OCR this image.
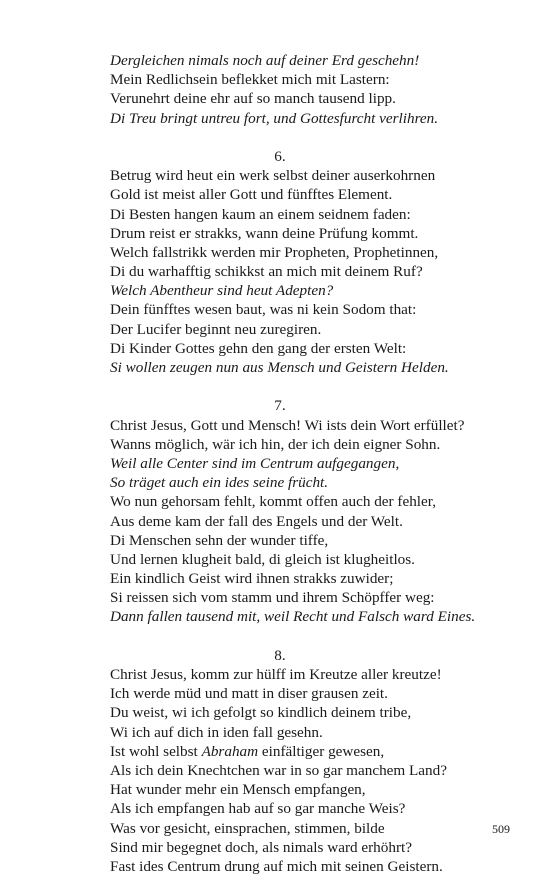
Dergleichen nimals noch auf deiner Erd geschehn!
Mein Redlichsein beflekket mich mit Lastern:
Verunehrt deine ehr auf so manch tausend lipp.
Di Treu bringt untreu fort, und Gottesfurcht verlihren.
6.
Betrug wird heut ein werk selbst deiner auserkohrnen
Gold ist meist aller Gott und fünfftes Element.
Di Besten hangen kaum an einem seidnem faden:
Drum reist er strakks, wann deine Prüfung kommt.
Welch fallstrikk werden mir Propheten, Prophetinnen,
Di du warhafftig schikkst an mich mit deinem Ruf?
Welch Abentheur sind heut Adepten?
Dein fünfftes wesen baut, was ni kein Sodom that:
Der Lucifer beginnt neu zuregiren.
Di Kinder Gottes gehn den gang der ersten Welt:
Si wollen zeugen nun aus Mensch und Geistern Helden.
7.
Christ Jesus, Gott und Mensch! Wi ists dein Wort erfüllet?
Wanns möglich, wär ich hin, der ich dein eigner Sohn.
Weil alle Center sind im Centrum aufgegangen,
So träget auch ein ides seine frücht.
Wo nun gehorsam fehlt, kommt offen auch der fehler,
Aus deme kam der fall des Engels und der Welt.
Di Menschen sehn der wunder tiffe,
Und lernen klugheit bald, di gleich ist klugheitlos.
Ein kindlich Geist wird ihnen strakks zuwider;
Si reissen sich vom stamm und ihrem Schöpffer weg:
Dann fallen tausend mit, weil Recht und Falsch ward Eines.
8.
Christ Jesus, komm zur hülff im Kreutze aller kreutze!
Ich werde müd und matt in diser grausen zeit.
Du weist, wi ich gefolgt so kindlich deinem tribe,
Wi ich auf dich in iden fall gesehn.
Ist wohl selbst Abraham einfältiger gewesen,
Als ich dein Knechtchen war in so gar manchem Land?
Hat wunder mehr ein Mensch empfangen,
Als ich empfangen hab auf so gar manche Weis?
Was vor gesicht, einsprachen, stimmen, bilde
Sind mir begegnet doch, als nimals ward erhöhrt?
Fast ides Centrum drung auf mich mit seinen Geistern.
509
